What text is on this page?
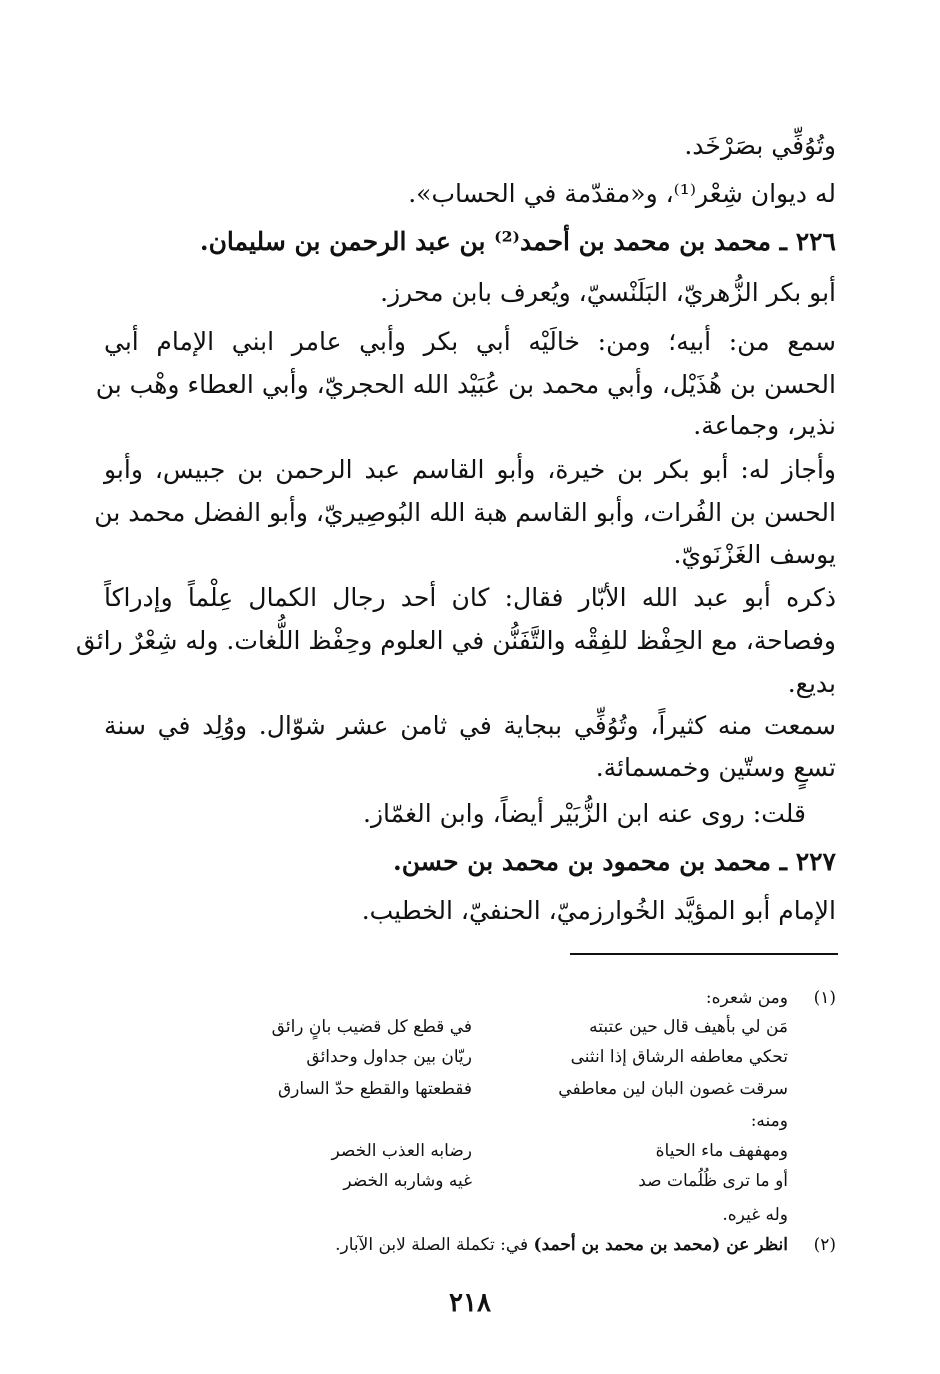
وتُوُفِّي بصَرْخَد.
له ديوان شِعْر⁽¹⁾، و«مقدّمة في الحساب».
٢٢٦ ـ محمد بن محمد بن أحمد⁽²⁾ بن عبد الرحمن بن سليمان.
أبو بكر الزُّهريّ، البَلَنْسيّ، ويُعرف بابن محرز.
سمع من: أبيه؛ ومن: خالَيْه أبي بكر وأبي عامر ابني الإمام أبي
الحسن بن هُذَيْل، وأبي محمد بن عُبَيْد الله الحجريّ، وأبي العطاء وهْب بن
نذير، وجماعة.
وأجاز له: أبو بكر بن خيرة، وأبو القاسم عبد الرحمن بن جبيس، وأبو
الحسن بن الفُرات، وأبو القاسم هبة الله البُوصِيريّ، وأبو الفضل محمد بن
يوسف الغَزْنَويّ.
ذكره أبو عبد الله الأبّار فقال: كان أحد رجال الكمال عِلْماً وإدراكاً
وفصاحة، مع الحِفْظ للفِقْه والتَّفَنُّن في العلوم وحِفْظ اللُّغات. وله شِعْرٌ رائق
بديع.
سمعت منه كثيراً، وتُوُفِّي ببجاية في ثامن عشر شوّال. ووُلِد في سنة
تسعٍ وستّين وخمسمائة.
قلت: روى عنه ابن الزُّبَيْر أيضاً، وابن الغمّاز.
٢٢٧ ـ محمد بن محمود بن محمد بن حسن.
الإمام أبو المؤيَّد الخُوارزميّ، الحنفيّ، الخطيب.
(١)
ومن شعره:
مَن لي بأهيف قال حين عتبته
في قطع كل قضيب بانٍ رائق
تحكي معاطفه الرشاق إذا انثنى
ريّان بين جداول وحدائق
سرقت غصون البان لين معاطفي
فقطعتها والقطع حدّ السارق
ومنه:
ومهفهف ماء الحياة
رضابه العذب الخصر
أو ما ترى ظُلُمات صد
غيه وشاربه الخضر
وله غيره.
(٢)
انظر عن (محمد بن محمد بن أحمد) في: تكملة الصلة لابن الآبار.
٢١٨
